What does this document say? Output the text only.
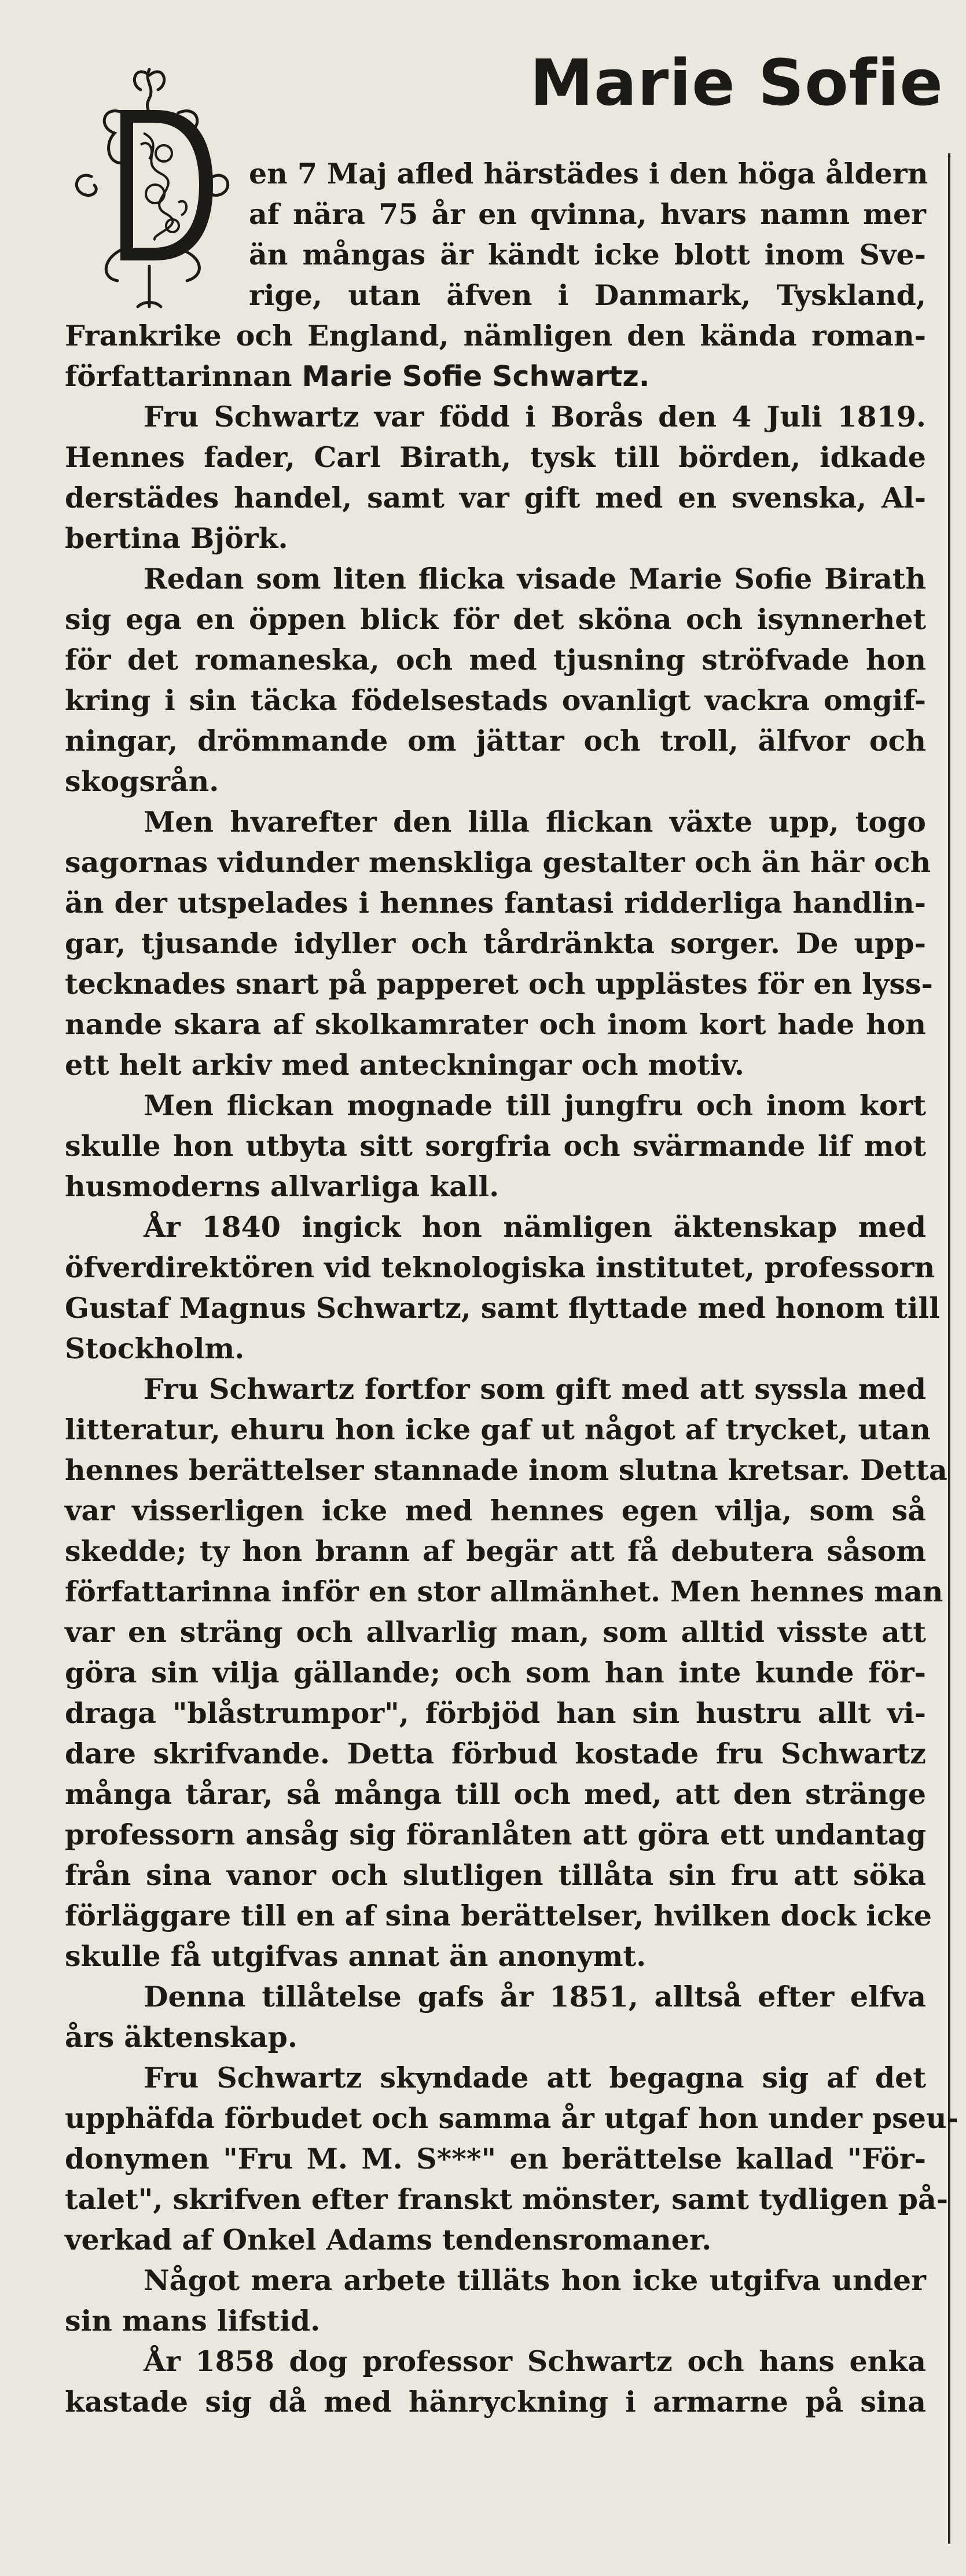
Marie Sofie
en 7 Maj afled härstädes i den höga åldern
af nära 75 år en qvinna, hvars namn mer
än mångas är kändt icke blott inom Sve-
rige, utan äfven i Danmark, Tyskland,
Frankrike och England, nämligen den kända roman-
författarinnan Marie Sofie Schwartz.
Fru Schwartz var född i Borås den 4 Juli 1819.
Hennes fader, Carl Birath, tysk till börden, idkade
derstädes handel, samt var gift med en svenska, Al-
bertina Björk.
Redan som liten flicka visade Marie Sofie Birath
sig ega en öppen blick för det sköna och isynnerhet
för det romaneska, och med tjusning ströfvade hon
kring i sin täcka födelsestads ovanligt vackra omgif-
ningar, drömmande om jättar och troll, älfvor och
skogsrån.
Men hvarefter den lilla flickan växte upp, togo
sagornas vidunder menskliga gestalter och än här och
än der utspelades i hennes fantasi ridderliga handlin-
gar, tjusande idyller och tårdränkta sorger. De upp-
tecknades snart på papperet och upplästes för en lyss-
nande skara af skolkamrater och inom kort hade hon
ett helt arkiv med anteckningar och motiv.
Men flickan mognade till jungfru och inom kort
skulle hon utbyta sitt sorgfria och svärmande lif mot
husmoderns allvarliga kall.
År 1840 ingick hon nämligen äktenskap med
öfverdirektören vid teknologiska institutet, professorn
Gustaf Magnus Schwartz, samt flyttade med honom till
Stockholm.
Fru Schwartz fortfor som gift med att syssla med
litteratur, ehuru hon icke gaf ut något af trycket, utan
hennes berättelser stannade inom slutna kretsar. Detta
var visserligen icke med hennes egen vilja, som så
skedde; ty hon brann af begär att få debutera såsom
författarinna inför en stor allmänhet. Men hennes man
var en sträng och allvarlig man, som alltid visste att
göra sin vilja gällande; och som han inte kunde för-
draga "blåstrumpor", förbjöd han sin hustru allt vi-
dare skrifvande. Detta förbud kostade fru Schwartz
många tårar, så många till och med, att den stränge
professorn ansåg sig föranlåten att göra ett undantag
från sina vanor och slutligen tillåta sin fru att söka
förläggare till en af sina berättelser, hvilken dock icke
skulle få utgifvas annat än anonymt.
Denna tillåtelse gafs år 1851, alltså efter elfva
års äktenskap.
Fru Schwartz skyndade att begagna sig af det
upphäfda förbudet och samma år utgaf hon under pseu-
donymen "Fru M. M. S***" en berättelse kallad "För-
talet", skrifven efter franskt mönster, samt tydligen på-
verkad af Onkel Adams tendensromaner.
Något mera arbete tilläts hon icke utgifva under
sin mans lifstid.
År 1858 dog professor Schwartz och hans enka
kastade sig då med hänryckning i armarne på sina
